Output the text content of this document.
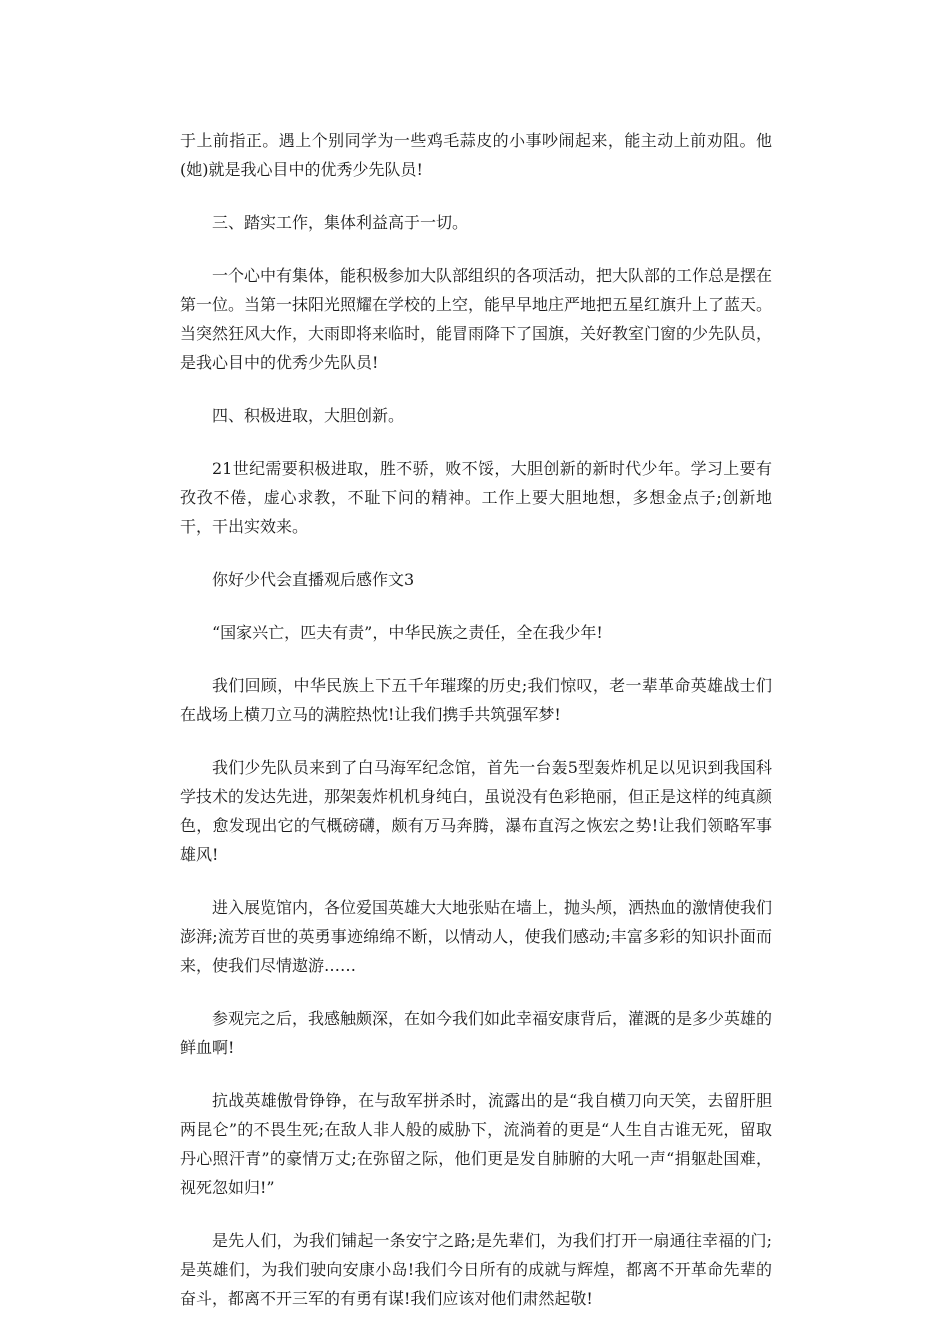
于上前指正。遇上个别同学为一些鸡毛蒜皮的小事吵闹起来，能主动上前劝阻。他(她)就是我心目中的优秀少先队员!

三、踏实工作，集体利益高于一切。

一个心中有集体，能积极参加大队部组织的各项活动，把大队部的工作总是摆在第一位。当第一抹阳光照耀在学校的上空，能早早地庄严地把五星红旗升上了蓝天。当突然狂风大作，大雨即将来临时，能冒雨降下了国旗，关好教室门窗的少先队员，是我心目中的优秀少先队员!

四、积极进取，大胆创新。

21世纪需要积极进取，胜不骄，败不馁，大胆创新的新时代少年。学习上要有孜孜不倦，虚心求教，不耻下问的精神。工作上要大胆地想，多想金点子;创新地干，干出实效来。

你好少代会直播观后感作文3

“国家兴亡，匹夫有责”，中华民族之责任，全在我少年!

我们回顾，中华民族上下五千年璀璨的历史;我们惊叹，老一辈革命英雄战士们在战场上横刀立马的满腔热忱!让我们携手共筑强军梦!

我们少先队员来到了白马海军纪念馆，首先一台轰5型轰炸机足以见识到我国科学技术的发达先进，那架轰炸机机身纯白，虽说没有色彩艳丽，但正是这样的纯真颜色，愈发现出它的气概磅礴，颇有万马奔腾，瀑布直泻之恢宏之势!让我们领略军事雄风!

进入展览馆内，各位爱国英雄大大地张贴在墙上，抛头颅，洒热血的激情使我们澎湃;流芳百世的英勇事迹绵绵不断，以情动人，使我们感动;丰富多彩的知识扑面而来，使我们尽情遨游……

参观完之后，我感触颇深，在如今我们如此幸福安康背后，灌溉的是多少英雄的鲜血啊!

抗战英雄傲骨铮铮，在与敌军拼杀时，流露出的是“我自横刀向天笑，去留肝胆两昆仑”的不畏生死;在敌人非人般的威胁下，流淌着的更是“人生自古谁无死，留取丹心照汗青”的豪情万丈;在弥留之际，他们更是发自肺腑的大吼一声“捐躯赴国难，视死忽如归!”

是先人们，为我们铺起一条安宁之路;是先辈们，为我们打开一扇通往幸福的门;是英雄们，为我们驶向安康小岛!我们今日所有的成就与辉煌，都离不开革命先辈的奋斗，都离不开三军的有勇有谋!我们应该对他们肃然起敬!
